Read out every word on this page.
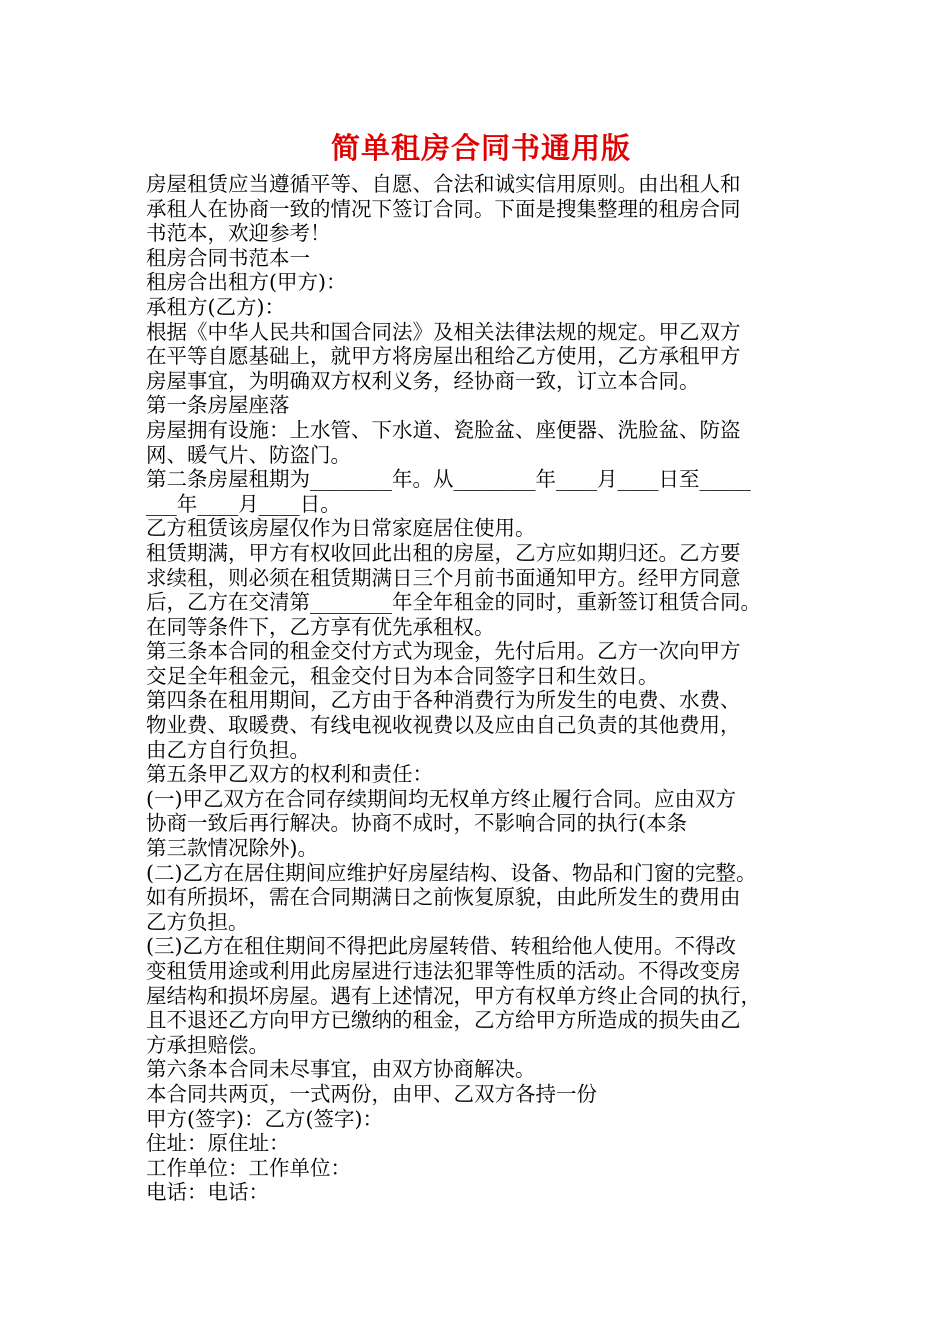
简单租房合同书通用版
房屋租赁应当遵循平等、自愿、合法和诚实信用原则。由出租人和
承租人在协商一致的情况下签订合同。下面是搜集整理的租房合同
书范本，欢迎参考！
租房合同书范本一
租房合出租方(甲方)：
承租方(乙方)：
根据《中华人民共和国合同法》及相关法律法规的规定。甲乙双方
在平等自愿基础上，就甲方将房屋出租给乙方使用，乙方承租甲方
房屋事宜，为明确双方权利义务，经协商一致，订立本合同。
第一条房屋座落
房屋拥有设施：上水管、下水道、瓷脸盆、座便器、洗脸盆、防盗
网、暖气片、防盗门。
第二条房屋租期为________年。从________年____月____日至_____
___年____月____日。
乙方租赁该房屋仅作为日常家庭居住使用。
租赁期满，甲方有权收回此出租的房屋，乙方应如期归还。乙方要
求续租，则必须在租赁期满日三个月前书面通知甲方。经甲方同意
后，乙方在交清第________年全年租金的同时，重新签订租赁合同。
在同等条件下，乙方享有优先承租权。
第三条本合同的租金交付方式为现金，先付后用。乙方一次向甲方
交足全年租金元，租金交付日为本合同签字日和生效日。
第四条在租用期间，乙方由于各种消费行为所发生的电费、水费、
物业费、取暖费、有线电视收视费以及应由自己负责的其他费用，
由乙方自行负担。
第五条甲乙双方的权利和责任：
(一)甲乙双方在合同存续期间均无权单方终止履行合同。应由双方
协商一致后再行解决。协商不成时，不影响合同的执行(本条
第三款情况除外)。
(二)乙方在居住期间应维护好房屋结构、设备、物品和门窗的完整。
如有所损坏，需在合同期满日之前恢复原貌，由此所发生的费用由
乙方负担。
(三)乙方在租住期间不得把此房屋转借、转租给他人使用。不得改
变租赁用途或利用此房屋进行违法犯罪等性质的活动。不得改变房
屋结构和损坏房屋。遇有上述情况，甲方有权单方终止合同的执行，
且不退还乙方向甲方已缴纳的租金，乙方给甲方所造成的损失由乙
方承担赔偿。
第六条本合同未尽事宜，由双方协商解决。
本合同共两页，一式两份，由甲、乙双方各持一份
甲方(签字)：乙方(签字)：
住址：原住址：
工作单位：工作单位：
电话：电话：
